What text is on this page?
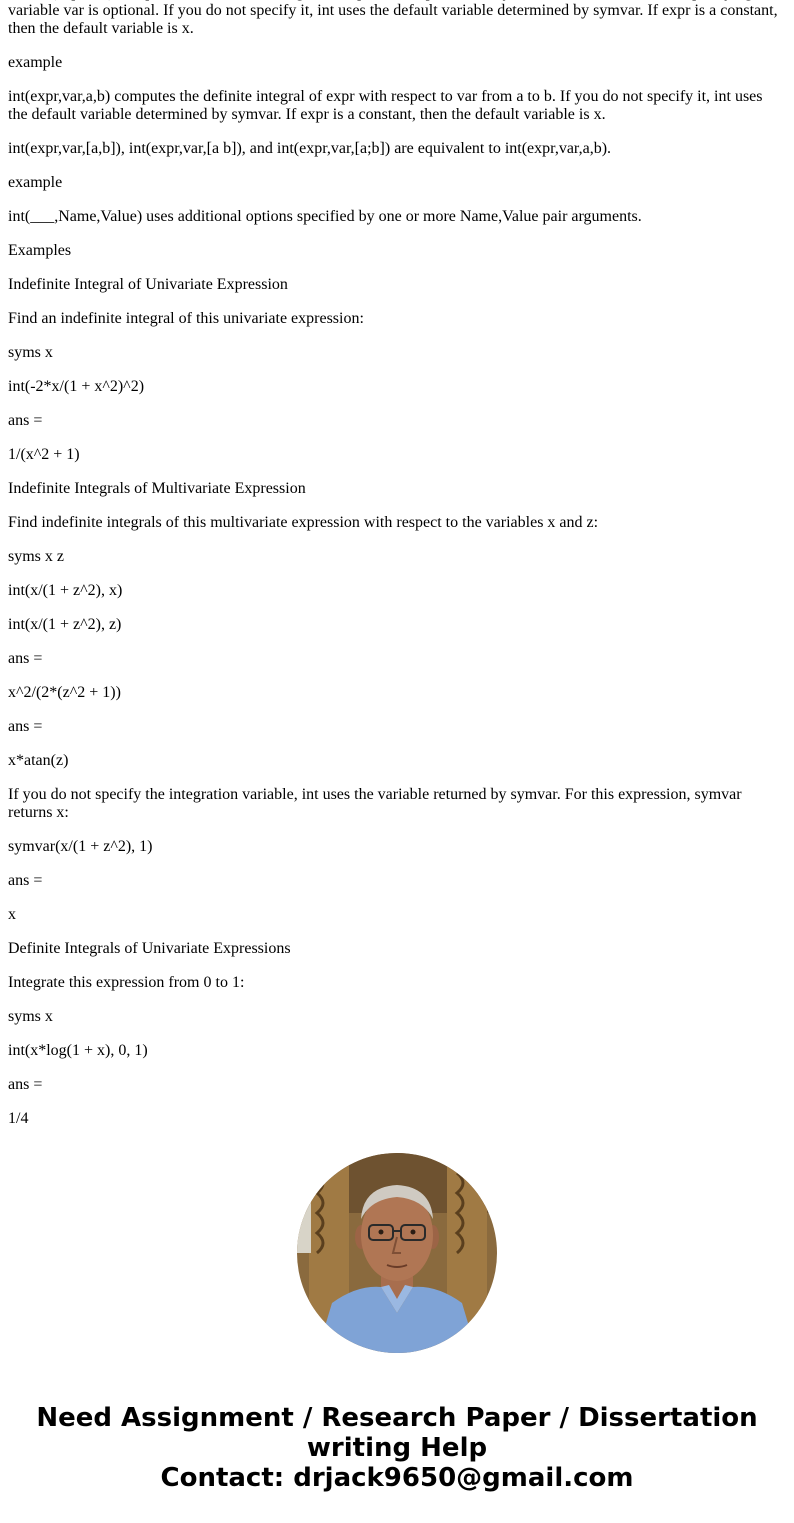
variable var is optional. If you do not specify it, int uses the default variable determined by symvar. If expr is a constant, then the default variable is x.

example

int(expr,var,a,b) computes the definite integral of expr with respect to var from a to b. If you do not specify it, int uses the default variable determined by symvar. If expr is a constant, then the default variable is x.

int(expr,var,[a,b]), int(expr,var,[a b]), and int(expr,var,[a;b]) are equivalent to int(expr,var,a,b).

example

int(___,Name,Value) uses additional options specified by one or more Name,Value pair arguments.

Examples

Indefinite Integral of Univariate Expression

Find an indefinite integral of this univariate expression:

syms x

int(-2*x/(1 + x^2)^2)

ans =

1/(x^2 + 1)

Indefinite Integrals of Multivariate Expression

Find indefinite integrals of this multivariate expression with respect to the variables x and z:

syms x z

int(x/(1 + z^2), x)

int(x/(1 + z^2), z)

ans =

x^2/(2*(z^2 + 1))

ans =

x*atan(z)

If you do not specify the integration variable, int uses the variable returned by symvar. For this expression, symvar returns x:

symvar(x/(1 + z^2), 1)

ans =

x

Definite Integrals of Univariate Expressions

Integrate this expression from 0 to 1:

syms x

int(x*log(1 + x), 0, 1)

ans =

1/4

Need Assignment / Research Paper / Dissertation
writing Help
Contact: drjack9650@gmail.com
